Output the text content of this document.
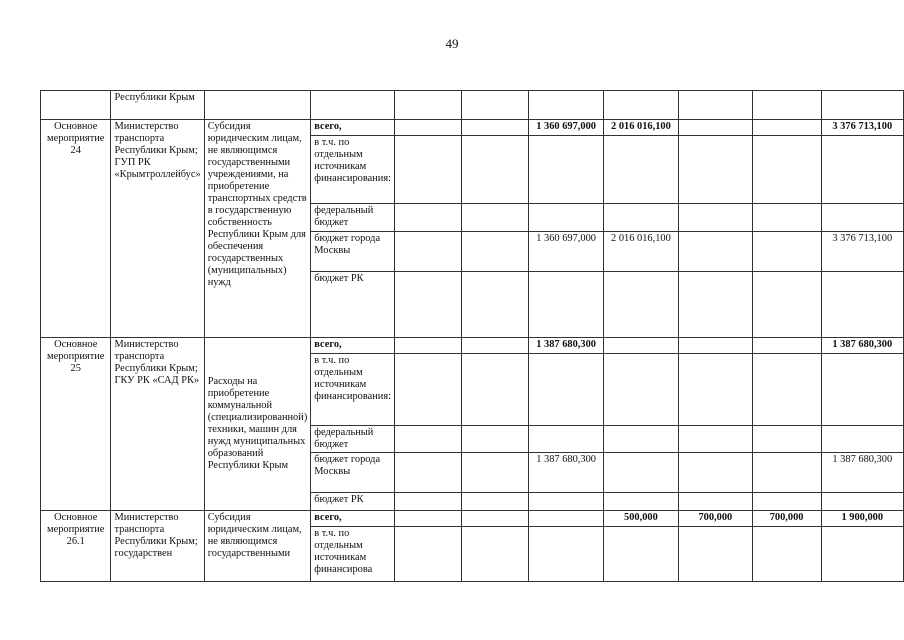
49
	Республики Крым									
Основное мероприятие 24	Министерство транспорта Республики Крым; ГУП РК «Крымтроллейбус»	Субсидия юридическим лицам, не являющимся государственными учреждениями, на приобретение транспортных средств в государственную собственность Республики Крым для обеспечения государственных (муниципальных) нужд	всего,			1 360 697,000	2 016 016,100			3 376 713,100
			в т.ч. по отдельным источникам финансирования:							
			федеральный бюджет							
			бюджет города Москвы			1 360 697,000	2 016 016,100			3 376 713,100
			бюджет РК							
Основное мероприятие 25	Министерство транспорта Республики Крым; ГКУ РК «САД РК»	Расходы на приобретение коммунальной (специализированной) техники, машин для нужд муниципальных образований Республики Крым	всего,			1 387 680,300				1 387 680,300
			в т.ч. по отдельным источникам финансирования:							
			федеральный бюджет							
			бюджет города Москвы			1 387 680,300				1 387 680,300
			бюджет РК							
Основное мероприятие 26.1	Министерство транспорта Республики Крым; государствен	Субсидия юридическим лицам, не являющимся государственными	всего,				500,000	700,000	700,000	1 900,000
			в т.ч. по отдельным источникам финансирова							
